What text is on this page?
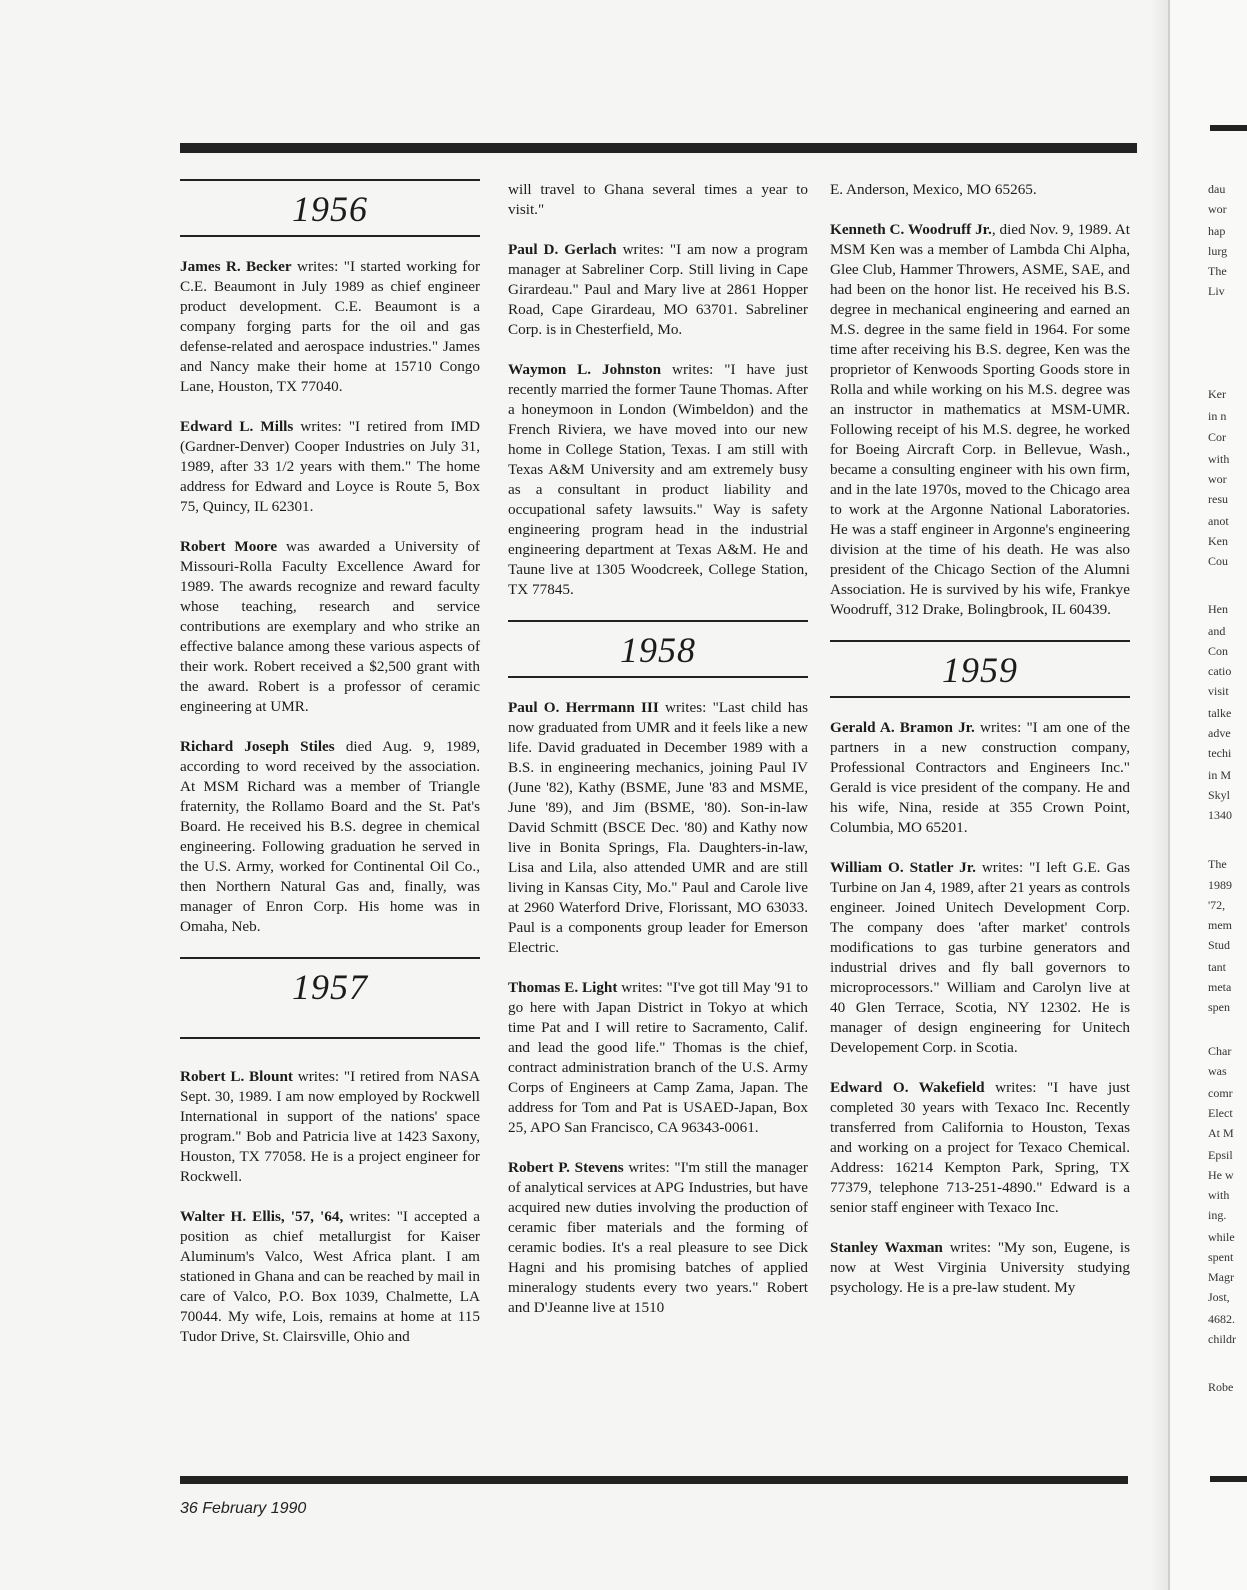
1956

James R. Becker writes: "I started working for C.E. Beaumont in July 1989 as chief engineer product development. C.E. Beaumont is a company forging parts for the oil and gas defense-related and aerospace industries." James and Nancy make their home at 15710 Congo Lane, Houston, TX 77040.

Edward L. Mills writes: "I retired from IMD (Gardner-Denver) Cooper Industries on July 31, 1989, after 33 1/2 years with them." The home address for Edward and Loyce is Route 5, Box 75, Quincy, IL 62301.

Robert Moore was awarded a University of Missouri-Rolla Faculty Excellence Award for 1989. The awards recognize and reward faculty whose teaching, research and service contributions are exemplary and who strike an effective balance among these various aspects of their work. Robert received a $2,500 grant with the award. Robert is a professor of ceramic engineering at UMR.

Richard Joseph Stiles died Aug. 9, 1989, according to word received by the association. At MSM Richard was a member of Triangle fraternity, the Rollamo Board and the St. Pat's Board. He received his B.S. degree in chemical engineering. Following graduation he served in the U.S. Army, worked for Continental Oil Co., then Northern Natural Gas and, finally, was manager of Enron Corp. His home was in Omaha, Neb.

1957

Robert L. Blount writes: "I retired from NASA Sept. 30, 1989. I am now employed by Rockwell International in support of the nations' space program." Bob and Patricia live at 1423 Saxony, Houston, TX 77058. He is a project engineer for Rockwell.

Walter H. Ellis, '57, '64, writes: "I accepted a position as chief metallurgist for Kaiser Aluminum's Valco, West Africa plant. I am stationed in Ghana and can be reached by mail in care of Valco, P.O. Box 1039, Chalmette, LA 70044. My wife, Lois, remains at home at 115 Tudor Drive, St. Clairsville, Ohio and

will travel to Ghana several times a year to visit."

Paul D. Gerlach writes: "I am now a program manager at Sabreliner Corp. Still living in Cape Girardeau." Paul and Mary live at 2861 Hopper Road, Cape Girardeau, MO 63701. Sabreliner Corp. is in Chesterfield, Mo.

Waymon L. Johnston writes: "I have just recently married the former Taune Thomas. After a honeymoon in London (Wimbeldon) and the French Riviera, we have moved into our new home in College Station, Texas. I am still with Texas A&M University and am extremely busy as a consultant in product liability and occupational safety lawsuits." Way is safety engineering program head in the industrial engineering department at Texas A&M. He and Taune live at 1305 Woodcreek, College Station, TX 77845.

1958

Paul O. Herrmann III writes: "Last child has now graduated from UMR and it feels like a new life. David graduated in December 1989 with a B.S. in engineering mechanics, joining Paul IV (June '82), Kathy (BSME, June '83 and MSME, June '89), and Jim (BSME, '80). Son-in-law David Schmitt (BSCE Dec. '80) and Kathy now live in Bonita Springs, Fla. Daughters-in-law, Lisa and Lila, also attended UMR and are still living in Kansas City, Mo." Paul and Carole live at 2960 Waterford Drive, Florissant, MO 63033. Paul is a components group leader for Emerson Electric.

Thomas E. Light writes: "I've got till May '91 to go here with Japan District in Tokyo at which time Pat and I will retire to Sacramento, Calif. and lead the good life." Thomas is the chief, contract administration branch of the U.S. Army Corps of Engineers at Camp Zama, Japan. The address for Tom and Pat is USAED-Japan, Box 25, APO San Francisco, CA 96343-0061.

Robert P. Stevens writes: "I'm still the manager of analytical services at APG Industries, but have acquired new duties involving the production of ceramic fiber materials and the forming of ceramic bodies. It's a real pleasure to see Dick Hagni and his promising batches of applied mineralogy students every two years." Robert and D'Jeanne live at 1510

E. Anderson, Mexico, MO 65265.

Kenneth C. Woodruff Jr., died Nov. 9, 1989. At MSM Ken was a member of Lambda Chi Alpha, Glee Club, Hammer Throwers, ASME, SAE, and had been on the honor list. He received his B.S. degree in mechanical engineering and earned an M.S. degree in the same field in 1964. For some time after receiving his B.S. degree, Ken was the proprietor of Kenwoods Sporting Goods store in Rolla and while working on his M.S. degree was an instructor in mathematics at MSM-UMR. Following receipt of his M.S. degree, he worked for Boeing Aircraft Corp. in Bellevue, Wash., became a consulting engineer with his own firm, and in the late 1970s, moved to the Chicago area to work at the Argonne National Laboratories. He was a staff engineer in Argonne's engineering division at the time of his death. He was also president of the Chicago Section of the Alumni Association. He is survived by his wife, Frankye Woodruff, 312 Drake, Bolingbrook, IL 60439.

1959

Gerald A. Bramon Jr. writes: "I am one of the partners in a new construction company, Professional Contractors and Engineers Inc." Gerald is vice president of the company. He and his wife, Nina, reside at 355 Crown Point, Columbia, MO 65201.

William O. Statler Jr. writes: "I left G.E. Gas Turbine on Jan 4, 1989, after 21 years as controls engineer. Joined Unitech Development Corp. The company does 'after market' controls modifications to gas turbine generators and industrial drives and fly ball governors to microprocessors." William and Carolyn live at 40 Glen Terrace, Scotia, NY 12302. He is manager of design engineering for Unitech Developement Corp. in Scotia.

Edward O. Wakefield writes: "I have just completed 30 years with Texaco Inc. Recently transferred from California to Houston, Texas and working on a project for Texaco Chemical. Address: 16214 Kempton Park, Spring, TX 77379, telephone 713-251-4890." Edward is a senior staff engineer with Texaco Inc.

Stanley Waxman writes: "My son, Eugene, is now at West Virginia University studying psychology. He is a pre-law student. My

36 February 1990
dau
wor
hap
lurg
The
Liv
Ker
in n
Cor
with
wor
resu
anot
Ken
Cou
Hen
and
Con
catio
visit
talke
adve
techi
in M
Skyl
1340
The
1989
'72,
mem
Stud
tant
meta
spen
Char
was
comr
Elect
At M
Epsil
He w
with
ing.
while
spent
Magr
Jost,
4682.
childr
Robe
